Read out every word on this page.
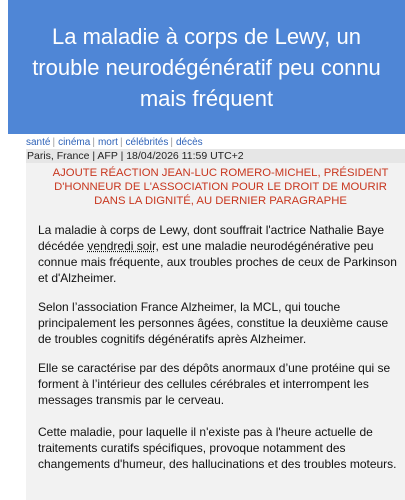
La maladie à corps de Lewy, un trouble neurodégénératif peu connu mais fréquent
santé | cinéma | mort | célébrités | décès
Paris, France | AFP | 18/04/2026 11:59 UTC+2

AJOUTE RÉACTION JEAN-LUC ROMERO-MICHEL, PRÉSIDENT D'HONNEUR DE L'ASSOCIATION POUR LE DROIT DE MOURIR DANS LA DIGNITÉ, AU DERNIER PARAGRAPHE

La maladie à corps de Lewy, dont souffrait l'actrice Nathalie Baye décédée vendredi soir, est une maladie neurodégénérative peu connue mais fréquente, aux troubles proches de ceux de Parkinson et d'Alzheimer.

Selon l’association France Alzheimer, la MCL, qui touche principalement les personnes âgées, constitue la deuxième cause de troubles cognitifs dégénératifs après Alzheimer.

Elle se caractérise par des dépôts anormaux d’une protéine qui se forment à l’intérieur des cellules cérébrales et interrompent les messages transmis par le cerveau.

Cette maladie, pour laquelle il n'existe pas à l'heure actuelle de traitements curatifs spécifiques, provoque notamment des changements d'humeur, des hallucinations et des troubles moteurs.
